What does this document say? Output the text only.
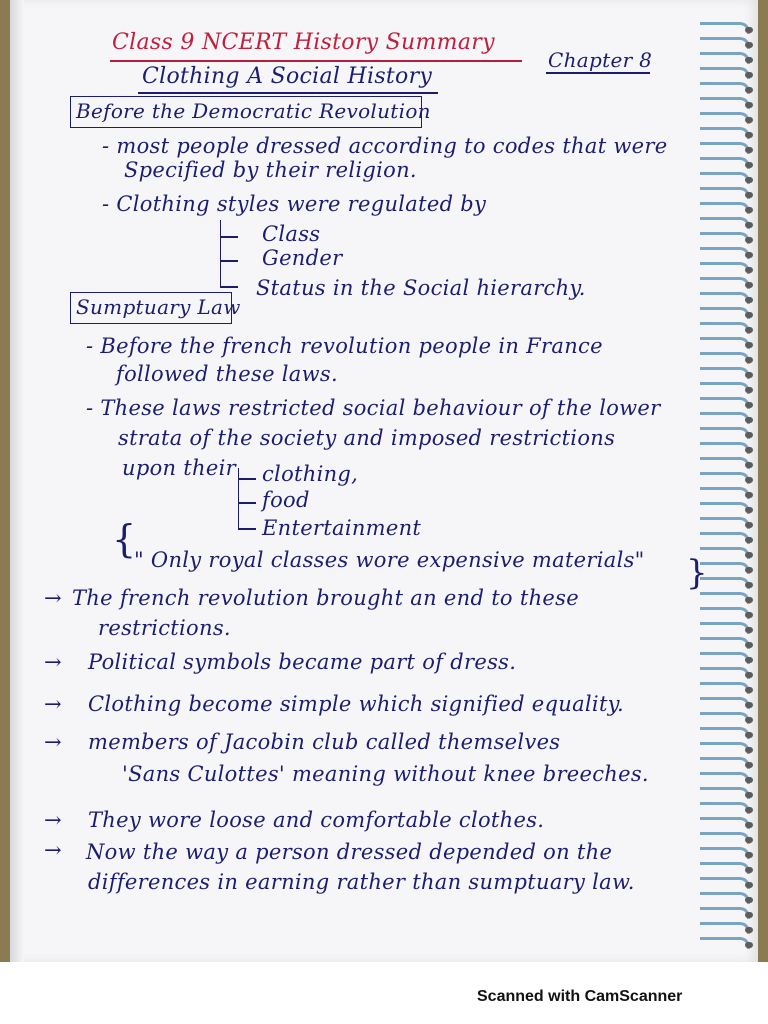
Class 9 NCERT History Summary
Chapter 8
Clothing A Social History
Before the Democratic Revolution
- most people dressed according to codes that were
Specified by their religion.
- Clothing styles were regulated by
Class
Gender
Status in the Social hierarchy.
Sumptuary Law
- Before the french revolution people in France
followed these laws.
- These laws restricted social behaviour of the lower
strata of the society and imposed restrictions
upon their clothing,
food
Entertainment
{
" Only royal classes wore expensive materials" }
→ The french revolution brought an end to these
restrictions.
→ Political symbols became part of dress.
→ Clothing become simple which signified equality.
→ members of Jacobin club called themselves
'Sans Culottes' meaning without knee breeches.
→ They wore loose and comfortable clothes.
→ Now the way a person dressed depended on the
differences in earning rather than sumptuary law.
Scanned with CamScanner
